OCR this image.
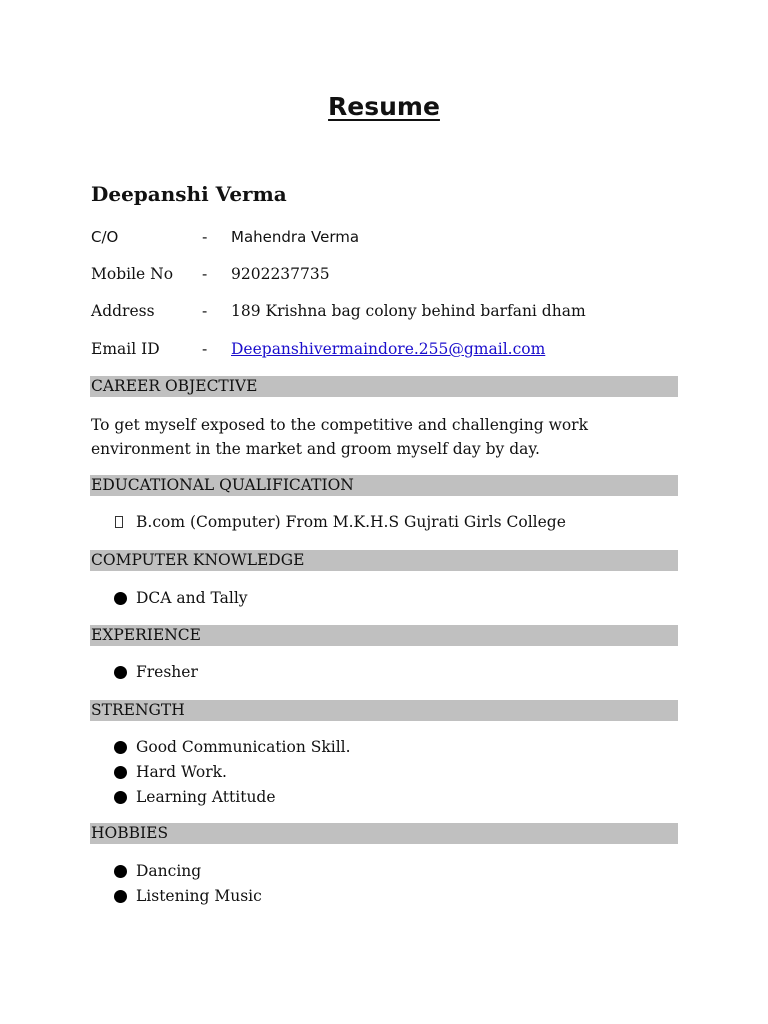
Resume
Deepanshi Verma
C/O	- Mahendra Verma
Mobile No - 9202237735
Address	- 189 Krishna bag colony behind barfani dham
Email ID	- Deepanshivermaindore.255@gmail.com
CAREER OBJECTIVE

To get myself exposed to the competitive and challenging work environment in the market and groom myself day by day.

EDUCATIONAL QUALIFICATION
B.com (Computer) From M.K.H.S Gujrati Girls College
COMPUTER KNOWLEDGE
DCA and Tally
EXPERIENCE
Fresher
STRENGTH
Good Communication Skill.
Hard Work.
Learning Attitude
HOBBIES
Dancing
Listening Music
